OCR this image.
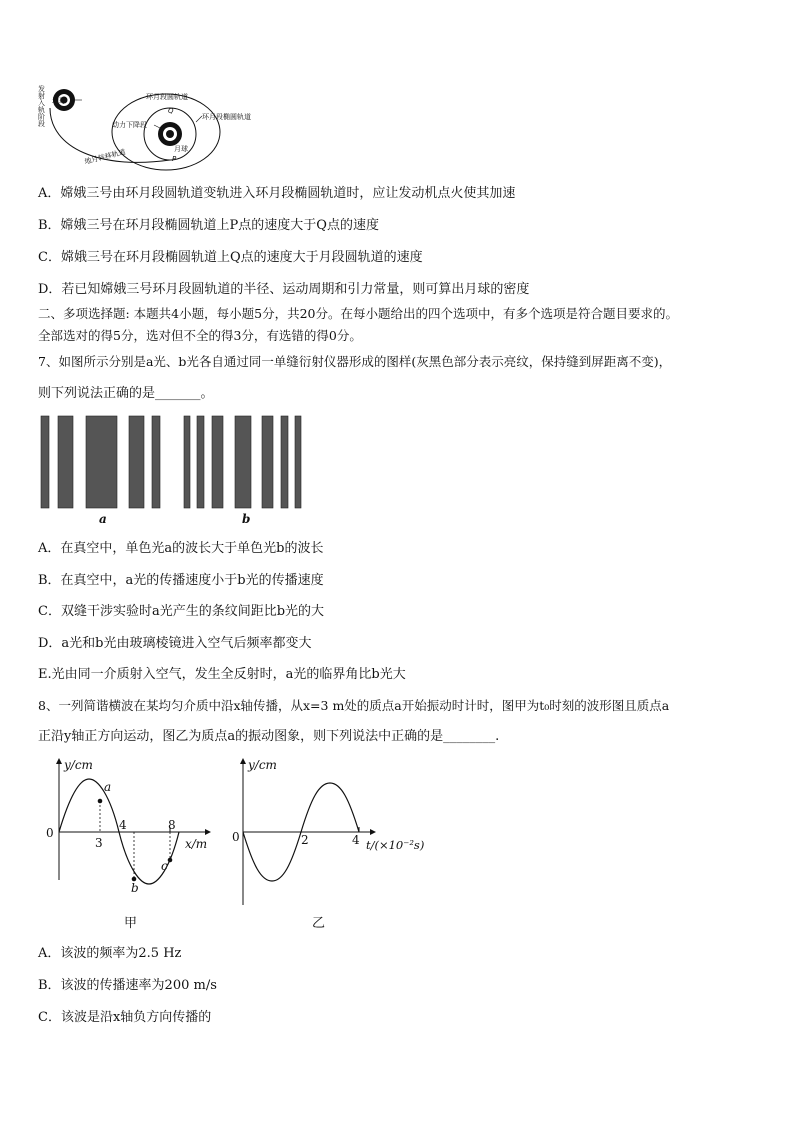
地球
发射入轨阶段
环月段圆轨道
环月段椭圆轨道
动力下降段
月球
地月转移轨道
Q
P
A．嫦娥三号由环月段圆轨道变轨进入环月段椭圆轨道时，应让发动机点火使其加速
B．嫦娥三号在环月段椭圆轨道上P点的速度大于Q点的速度
C．嫦娥三号在环月段椭圆轨道上Q点的速度大于月段圆轨道的速度
D．若已知嫦娥三号环月段圆轨道的半径、运动周期和引力常量，则可算出月球的密度
二、多项选择题: 本题共4小题，每小题5分，共20分。在每小题给出的四个选项中，有多个选项是符合题目要求的。
全部选对的得5分，选对但不全的得3分，有选错的得0分。
7、如图所示分别是a光、b光各自通过同一单缝衍射仪器形成的图样(灰黑色部分表示亮纹，保持缝到屏距离不变)，
则下列说法正确的是_______。
a	b
A．在真空中，单色光a的波长大于单色光b的波长
B．在真空中，a光的传播速度小于b光的传播速度
C．双缝干涉实验时a光产生的条纹间距比b光的大
D．a光和b光由玻璃棱镜进入空气后频率都变大
E.光由同一介质射入空气，发生全反射时，a光的临界角比b光大
8、一列简谐横波在某均匀介质中沿x轴传播，从x=3 m处的质点a开始振动时计时，图甲为t₀时刻的波形图且质点a
正沿y轴正方向运动，图乙为质点a的振动图象，则下列说法中正确的是________.
y/cm
0
3
4	8
x/m
a
b
c
甲
y/cm
0	2	4 t/(×10⁻²s)
乙
A．该波的频率为2.5 Hz
B．该波的传播速率为200 m/s
C．该波是沿x轴负方向传播的
